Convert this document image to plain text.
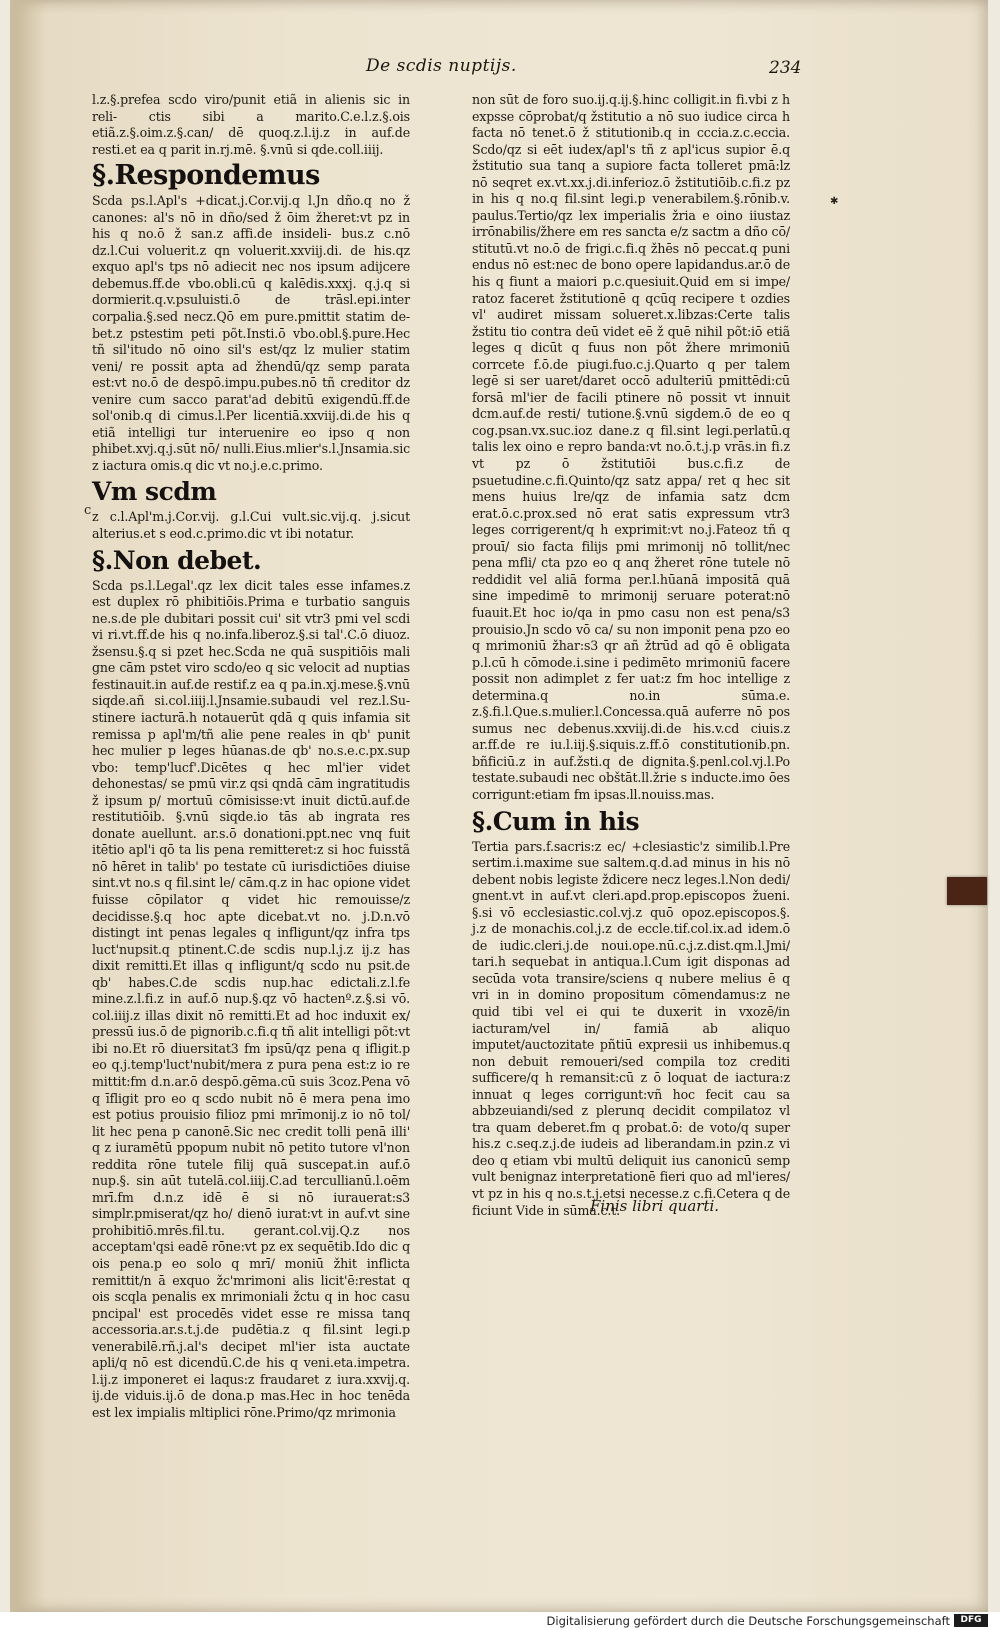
De scdis nuptijs.	234
l.z.§.prefea scdo viro/punit etiã in alienis sic in reli- ctis sibi a marito.C.e.l.z.§.ois etiã.z.§.oim.z.§.can/ dē quoq.z.l.ij.z in auf.de resti.et ea q parit in.rj.mē. §.vnū si qde.coll.iiij.
§.Respondemus
Scda ps.l.Apl's +dicat.j.Cor.vij.q l.Jn dño.q no ž canones: al's nō in dño/sed ž ōim žheret:vt pz in his q no.ō ž san.z affi.de insideli- bus.z c.nō dz.l.Cui voluerit.z qn voluerit.xxviij.di. de his.qz exquo apl's tps nō adiecit nec nos ipsum adijcere debemus.ff.de vbo.obli.cū q kalēdis.xxxj. q.j.q si dormierit.q.v.psuluisti.ō de trāsl.epi.inter corpalia.§.sed necz.Qō em pure.pmittit statim de- bet.z pstestim peti põt.Insti.ō vbo.obl.§.pure.Hec tñ sil'itudo nō oino sil's est/qz lz mulier statim veni/ re possit apta ad žhendū/qz semp parata est:vt no.ō de despō.impu.pubes.nō tñ creditor dz venire cum sacco parat'ad debitū exigendū.ff.de sol'onib.q di cimus.l.Per licentiā.xxviij.di.de his q etiã intelligi tur interuenire eo ipso q non phibet.xvj.q.j.sūt nō/ nulli.Eius.mlier's.l.Jnsamia.sic z iactura omis.q dic vt no.j.e.c.primo.
Vm scdm
z c.l.Apl'm.j.Cor.vij. g.l.Cui vult.sic.vij.q. j.sicut alterius.et s eod.c.primo.dic vt ibi notatur.
§.Non debet.
Scda ps.l.Legal'.qz lex dicit tales esse infames.z est duplex rō phibitiōis.Prima e turbatio sanguis ne.s.de ple dubitari possit cui' sit vtr3 pmi vel scdi vi ri.vt.ff.de his q no.infa.liberoz.§.si tal'.C.ō diuoz. žsensu.§.q si pzet hec.Scda ne quā suspitiōis mali gne cām pstet viro scdo/eo q sic velocit ad nuptias festinauit.in auf.de restif.z ea q pa.in.xj.mese.§.vnū siqde.añ si.col.iiij.l.Jnsamie.subaudi vel rez.l.Su- stinere iacturā.h notauerūt qdā q quis infamia sit remissa p apl'm/tñ alie pene reales in qb' punit hec mulier p leges hūanas.de qb' no.s.e.c.px.sup vbo: temp'lucf'.Dicētes q hec ml'ier videt dehonestas/ se pmū vir.z qsi qndā cām ingratitudis ž ipsum p/ mortuū cōmisisse:vt inuit dictū.auf.de restitutiōib. §.vnū siqde.io tās ab ingrata res donate auellunt. ar.s.ō donationi.ppt.nec vnq fuit itētio apl'i qō ta lis pena remitteret:z si hoc fuisstã nō hēret in talib' po testate cū iurisdictiōes diuise sint.vt no.s q fil.sint le/ cām.q.z in hac opione videt fuisse cōpilator q videt hic remouisse/z decidisse.§.q hoc apte dicebat.vt no. j.D.n.vō distingt int penas legales q infligunt/qz infra tps luct'nupsit.q ptinent.C.de scdis nup.l.j.z ij.z has dixit remitti.Et illas q infligunt/q scdo nu psit.de qb' habes.C.de scdis nup.hac edictali.z.l.fe mine.z.l.fi.z in auf.ō nup.§.qz vō hactenº.z.§.si vō. col.iiij.z illas dixit nō remitti.Et ad hoc induxit ex/ pressū ius.ō de pignorib.c.fi.q tñ alit intelligi põt:vt ibi no.Et rō diuersitat3 fm ipsū/qz pena q ifligit.p eo q.j.temp'luct'nubit/mera z pura pena est:z io re mittit:fm d.n.ar.ō despō.gēma.cū suis 3coz.Pena vō q īfligit pro eo q scdo nubit nō ē mera pena imo est potius prouisio filioz pmi mrīmonij.z io nō tol/ lit hec pena p canonē.Sic nec credit tolli penā illi' q z iuramētū ppopum nubit nō petito tutore vl'non reddita rōne tutele filij quā suscepat.in auf.ō nup.§. sin aūt tutelā.col.iiij.C.ad tercullianū.l.oēm mrī.fm d.n.z idē ē si nō iurauerat:s3 simplr.pmiserat/qz ho/ dienō iurat:vt in auf.vt sine prohibitiō.mrēs.fil.tu. gerant.col.vij.Q.z nos acceptam'qsi eadē rōne:vt pz ex sequētib.Ido dic q ois pena.p eo solo q mrī/ moniū žhit inflicta remittit/n ā exquo žc'mrimoni alis licit'ē:restat q ois scqla penalis ex mrimoniali žctu q in hoc casu pncipal' est procedēs videt esse re missa tanq accessoria.ar.s.t.j.de pudētia.z q fil.sint legi.p venerabilē.rñ.j.al's decipet ml'ier ista auctate apli/q nō est dicendū.C.de his q veni.eta.impetra. l.ij.z imponeret ei laqus:z fraudaret z iura.xxvij.q. ij.de viduis.ij.ō de dona.p mas.Hec in hoc tenēda est lex impialis mltiplici rōne.Primo/qz mrimonia
c
non sūt de foro suo.ij.q.ij.§.hinc colligit.in fi.vbi z h expsse cōprobat/q žstitutio a nō suo iudice circa h facta nō tenet.ō ž stitutionib.q in cccia.z.c.eccia. Scdo/qz si eēt iudex/apl's tñ z apl'icus supior ē.q žstitutio sua tanq a supiore facta tolleret pmā:lz nō seqret ex.vt.xx.j.di.inferioz.ō žstitutiōib.c.fi.z pz in his q no.q fil.sint legi.p venerabilem.§.rōnib.v. paulus.Tertio/qz lex imperialis žria e oino iiustaz irrōnabilis/žhere em res sancta e/z sactm a dño cō/ stitutū.vt no.ō de frigi.c.fi.q žhēs nō peccat.q puni endus nō est:nec de bono opere lapidandus.ar.ō de his q fiunt a maiori p.c.quesiuit.Quid em si impe/ ratoz faceret žstitutionē q qcūq recipere t ozdies vl' audiret missam solueret.x.libzas:Certe talis žstitu tio contra deū videt eē ž quē nihil põt:iō etiã leges q dicūt q fuus non põt žhere mrimoniū corrcete f.ō.de piugi.fuo.c.j.Quarto q per talem legē si ser uaret/daret occō adulteriū pmittēdi:cū forsā ml'ier de facili ptinere nō possit vt innuit dcm.auf.de resti/ tutione.§.vnū sigdem.ō de eo q cog.psan.vx.suc.ioz dane.z q fil.sint legi.perlatū.q talis lex oino e repro banda:vt no.ō.t.j.p vrās.in fi.z vt pz ō žstitutiōi bus.c.fi.z de psuetudine.c.fi.Quinto/qz satz appa/ ret q hec sit mens huius lre/qz de infamia satz dcm erat.ō.c.prox.sed nō erat satis expressum vtr3 leges corrigerent/q h exprimit:vt no.j.Fateoz tñ q prouī/ sio facta filijs pmi mrimonij nō tollit/nec pena mfli/ cta pzo eo q anq žheret rōne tutele nō reddidit vel aliā forma per.l.hūanā impositā quā sine impedimē to mrimonij seruare poterat:nō fuauit.Et hoc io/qa in pmo casu non est pena/s3 prouisio.Jn scdo vō ca/ su non imponit pena pzo eo q mrimoniū žhar:s3 qr añ žtrūd ad qō ē obligata p.l.cū h cōmode.i.sine i pedimēto mrimoniū facere possit non adimplet z fer uat:z fm hoc intellige z determina.q no.in sūma.e. z.§.fi.l.Que.s.mulier.l.Concessa.quā auferre nō pos sumus nec debenus.xxviij.di.de his.v.cd ciuis.z ar.ff.de re iu.l.iij.§.siquis.z.ff.ō constitutionib.pn. bñficiū.z in auf.žsti.q de dignita.§.penl.col.vj.l.Po testate.subaudi nec obštāt.ll.žrie s inducte.imo ōes corrigunt:etiam fm ipsas.ll.nouiss.mas.
§.Cum in his
Tertia pars.f.sacris:z ec/ +clesiastic'z similib.l.Pre sertim.i.maxime sue saltem.q.d.ad minus in his nō debent nobis legiste ždicere necz leges.l.Non dedi/ gnent.vt in auf.vt cleri.apd.prop.episcopos žueni. §.si vō ecclesiastic.col.vj.z quō opoz.episcopos.§. j.z de monachis.col.j.z de eccle.tif.col.ix.ad idem.ō de iudic.cleri.j.de noui.ope.nū.c.j.z.dist.qm.l.Jmi/ tari.h sequebat in antiqua.l.Cum igit disponas ad secūda vota transire/sciens q nubere melius ē q vri in in domino propositum cōmendamus:z ne quid tibi vel ei qui te duxerit in vxozē/in iacturam/vel in/ famiā ab aliquo imputet/auctozitate pñtiū expresii us inhibemus.q non debuit remoueri/sed compila toz crediti sufficere/q h remansit:cū z ō loquat de iactura:z innuat q leges corrigunt:vñ hoc fecit cau sa abbzeuiandi/sed z plerunq decidit compilatoz vl tra quam deberet.fm q probat.ō: de voto/q super his.z c.seq.z.j.de iudeis ad liberandam.in pzin.z vi deo q etiam vbi multū deliquit ius canonicū semp vult benignaz interpretationē fieri quo ad ml'ieres/ vt pz in his q no.s.t.j.etsi necesse.z c.fi.Cetera q de ficiunt Vide in sūma.c.t.
Finis libri quarti.
✱
Digitalisierung gefördert durch die Deutsche Forschungsgemeinschaft	DFG
